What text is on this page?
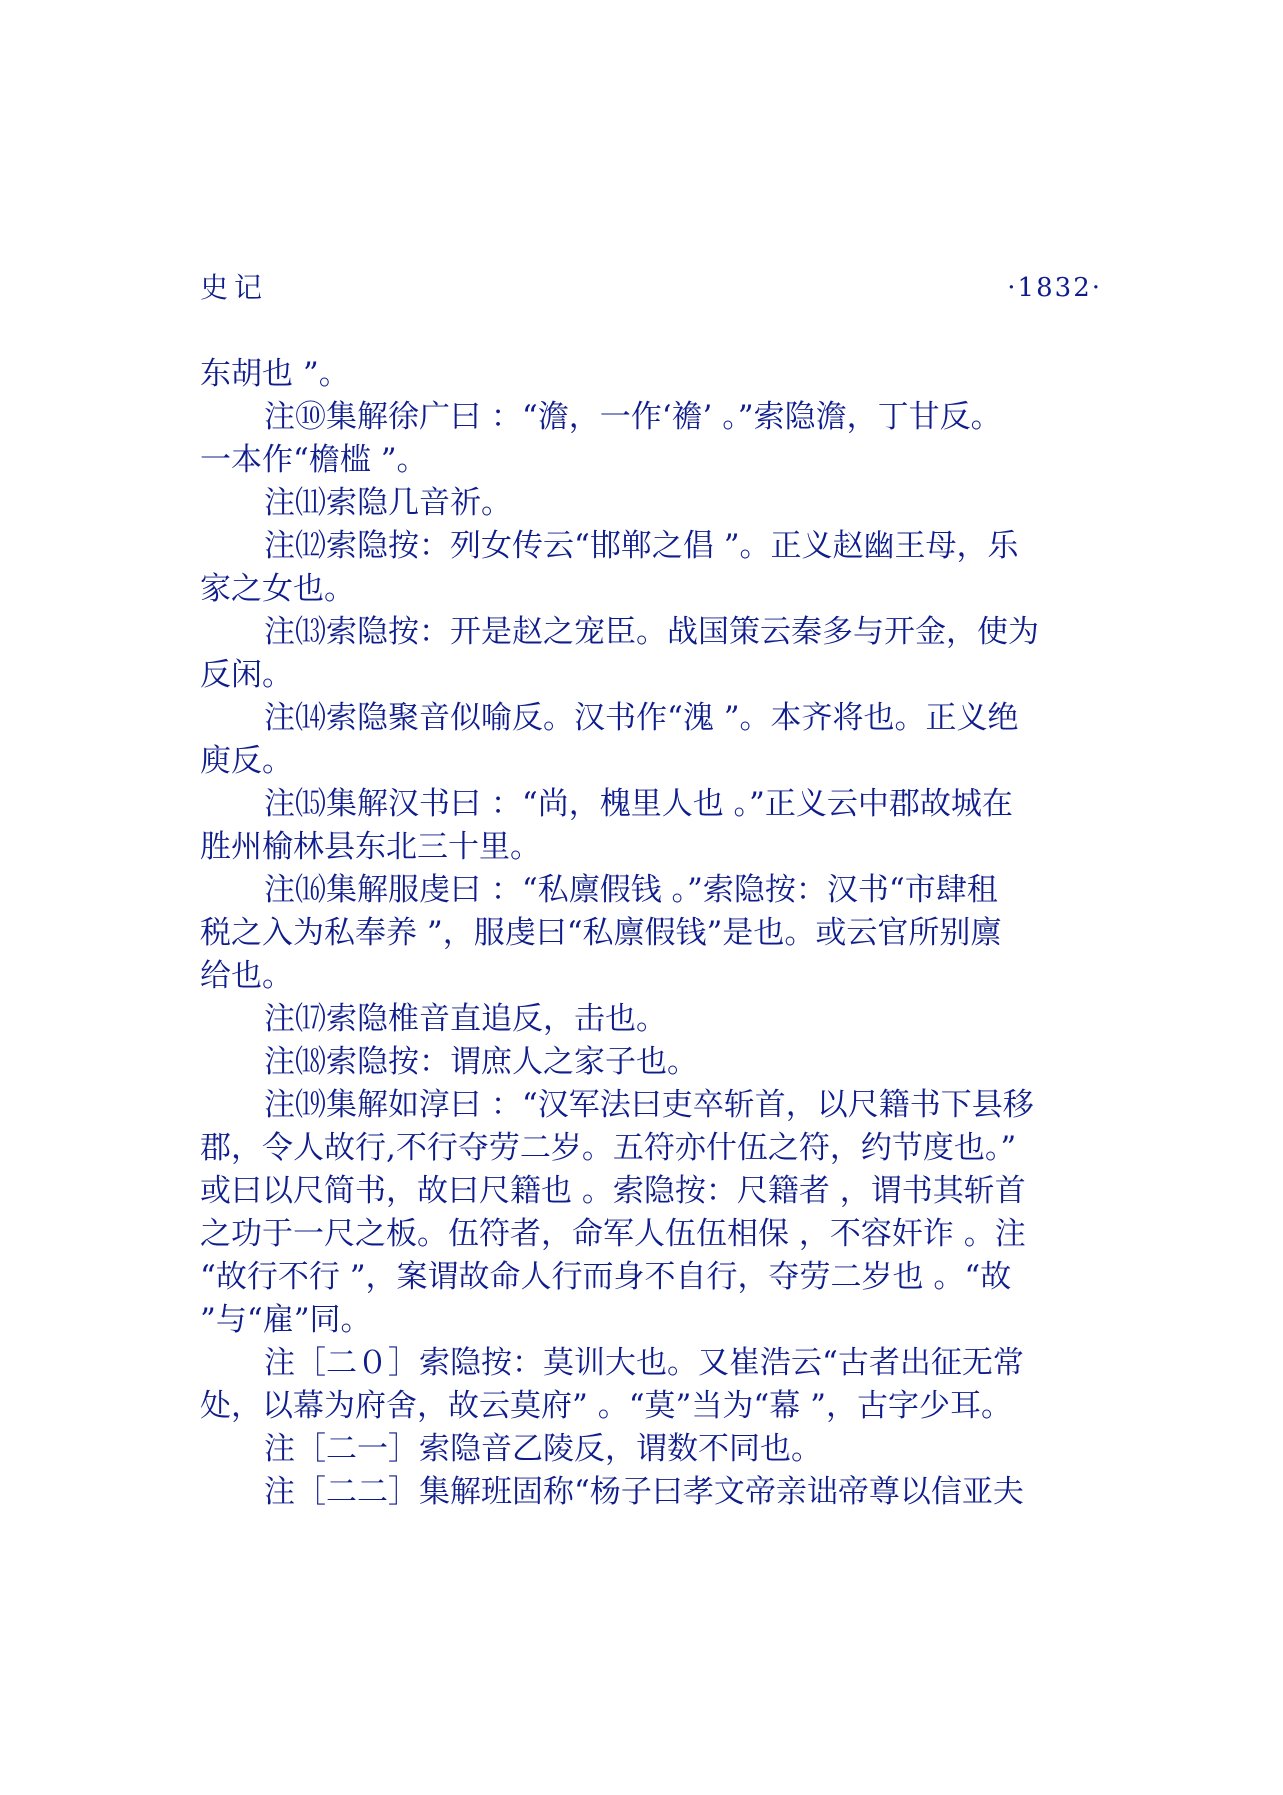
史记	·1832·
东胡也 ”。
注⑩集解徐广曰 ：“澹，一作‘襜’ 。”索隐澹，丁甘反。
一本作“檐槛 ”。
注⑾索隐几音祈。
注⑿索隐按：列女传云“邯郸之倡 ”。正义赵幽王母，乐
家之女也。
注⒀索隐按：开是赵之宠臣。战国策云秦多与开金，使为
反闲。
注⒁索隐聚音似喻反。汉书作“溾 ”。本齐将也。正义绝
庾反。
注⒂集解汉书曰 ：“尚，槐里人也 。”正义云中郡故城在
胜州榆林县东北三十里。
注⒃集解服虔曰 ：“私廪假钱 。”索隐按：汉书“市肆租
税之入为私奉养 ”，服虔曰“私廪假钱”是也。或云官所别廪
给也。
注⒄索隐椎音直追反，击也。
注⒅索隐按：谓庶人之家子也。
注⒆集解如淳曰 ：“汉军法曰吏卒斩首，以尺籍书下县移
郡，令人故行,不行夺劳二岁。五符亦什伍之符，约节度也。”
或曰以尺简书，故曰尺籍也 。索隐按：尺籍者 ，谓书其斩首
之功于一尺之板。伍符者，命军人伍伍相保 ，不容奸诈 。注
“故行不行 ”，案谓故命人行而身不自行，夺劳二岁也 。“故
”与“雇”同。
注［二０］索隐按：莫训大也。又崔浩云“古者出征无常
处，以幕为府舍，故云莫府” 。“莫”当为“幕 ”，古字少耳。
注［二一］索隐音乙陵反，谓数不同也。
注［二二］集解班固称“杨子曰孝文帝亲诎帝尊以信亚夫
